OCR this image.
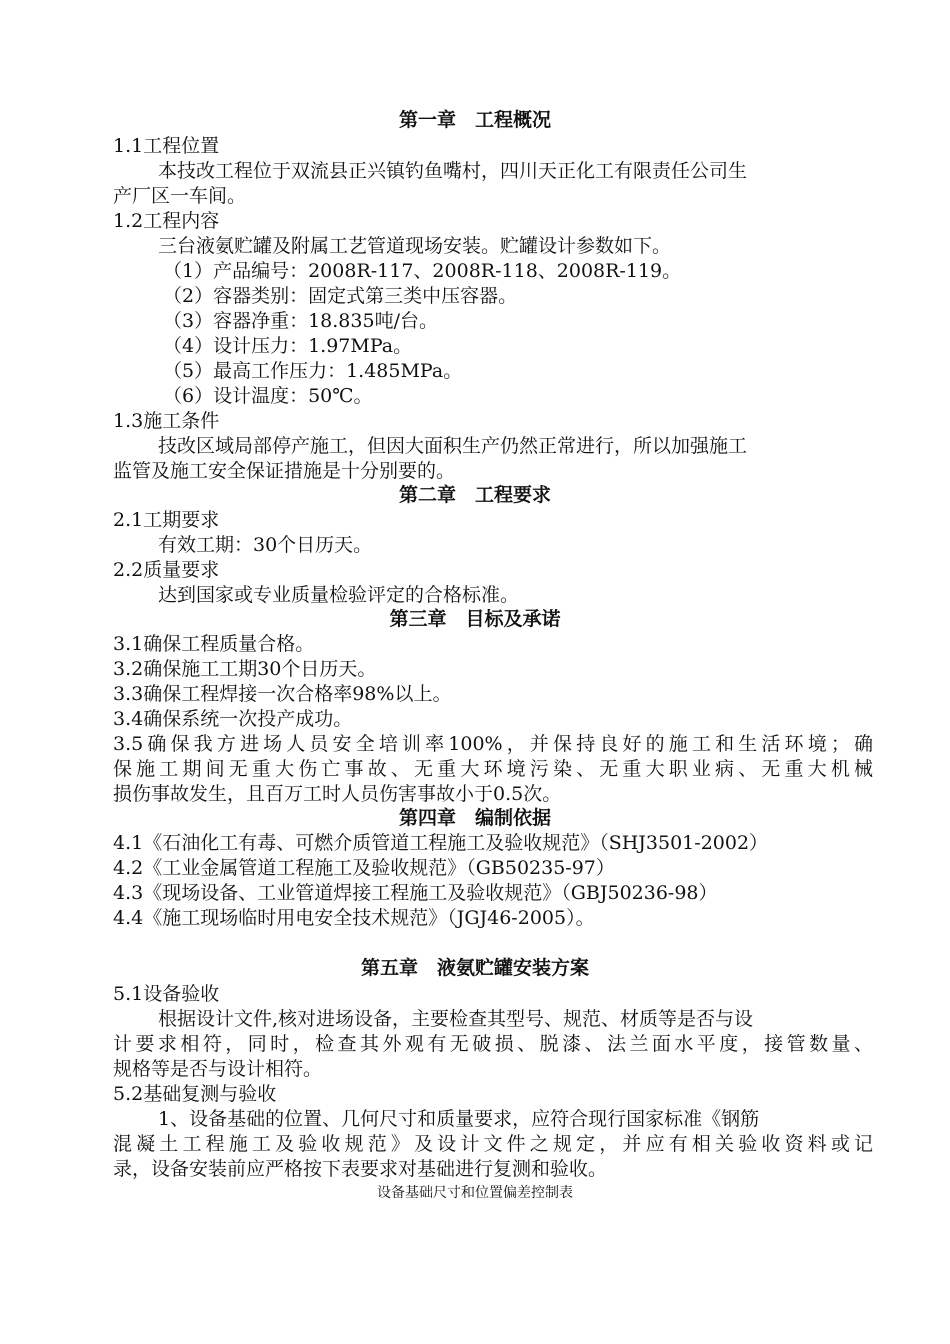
第一章　工程概况
1.1工程位置
本技改工程位于双流县正兴镇钓鱼嘴村，四川天正化工有限责任公司生
产厂区一车间。
1.2工程内容
三台液氨贮罐及附属工艺管道现场安装。贮罐设计参数如下。
（1）产品编号：2008R-117、2008R-118、2008R-119。
（2）容器类别：固定式第三类中压容器。
（3）容器净重：18.835吨/台。
（4）设计压力：1.97MPa。
（5）最高工作压力：1.485MPa。
（6）设计温度：50℃。
1.3施工条件
技改区域局部停产施工，但因大面积生产仍然正常进行，所以加强施工
监管及施工安全保证措施是十分别要的。
第二章　工程要求
2.1工期要求
有效工期：30个日历天。
2.2质量要求
达到国家或专业质量检验评定的合格标准。
第三章　目标及承诺
3.1确保工程质量合格。
3.2确保施工工期30个日历天。
3.3确保工程焊接一次合格率98%以上。
3.4确保系统一次投产成功。
3.5确保我方进场人员安全培训率100%，并保持良好的施工和生活环境；确
保施工期间无重大伤亡事故、无重大环境污染、无重大职业病、无重大机械
损伤事故发生，且百万工时人员伤害事故小于0.5次。
第四章　编制依据
4.1《石油化工有毒、可燃介质管道工程施工及验收规范》（SHJ3501-2002）
4.2《工业金属管道工程施工及验收规范》（GB50235-97）
4.3《现场设备、工业管道焊接工程施工及验收规范》（GBJ50236-98）
4.4《施工现场临时用电安全技术规范》（JGJ46-2005）。
第五章　液氨贮罐安装方案
5.1设备验收
根据设计文件,核对进场设备，主要检查其型号、规范、材质等是否与设
计要求相符，同时，检查其外观有无破损、脱漆、法兰面水平度，接管数量、
规格等是否与设计相符。
5.2基础复测与验收
1、设备基础的位置、几何尺寸和质量要求，应符合现行国家标准《钢筋
混凝土工程施工及验收规范》及设计文件之规定，并应有相关验收资料或记
录，设备安装前应严格按下表要求对基础进行复测和验收。
设备基础尺寸和位置偏差控制表
